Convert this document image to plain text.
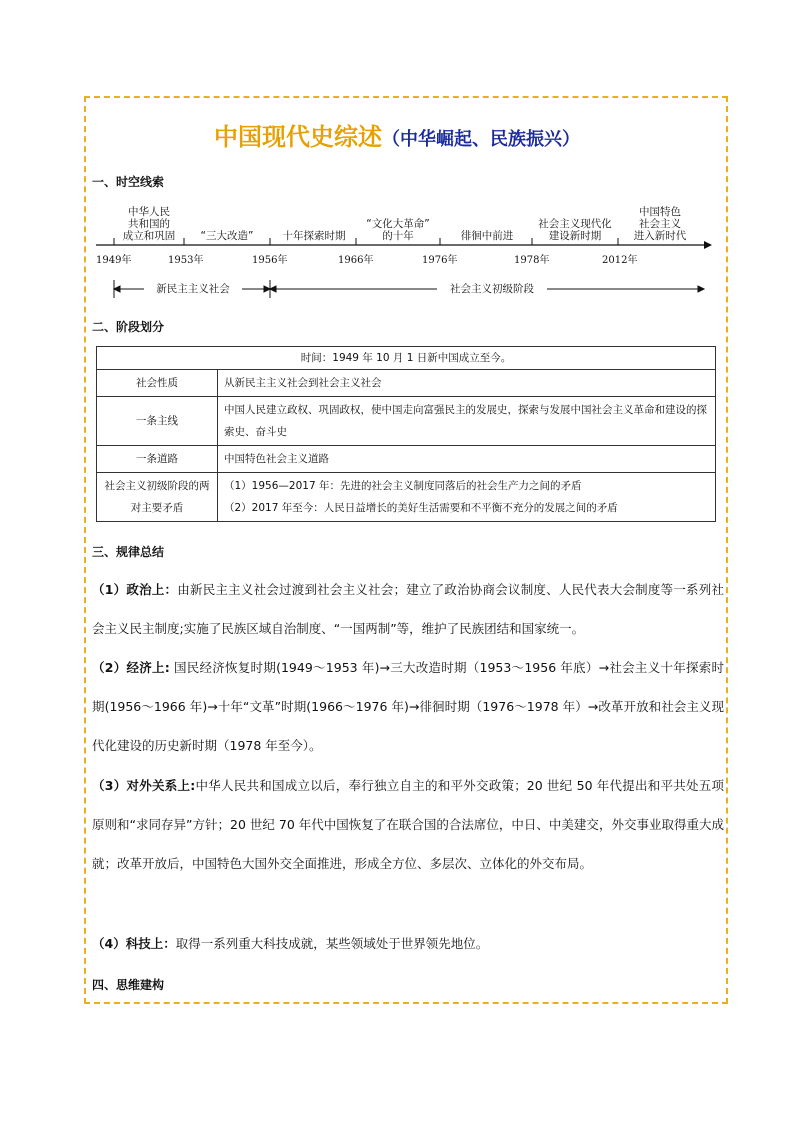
中国现代史综述（中华崛起、民族振兴）
一、时空线索
中华人民
共和国的
成立和巩固	“三大改造”	十年探索时期
“文化大革命”
的十年	徘徊中前进
社会主义现代化
建设新时期
中国特色
社会主义
进入新时代
1949年	1953年	1956年	1966年	1976年	1978年	2012年
新民主主义社会	社会主义初级阶段
二、阶段划分
时间：1949 年 10 月 1 日新中国成立至今。	
社会性质	从新民主主义社会到社会主义社会
一条主线	中国人民建立政权、巩固政权，使中国走向富强民主的发展史，探索与发展中国社会主义革命和建设的探索史、奋斗史
一条道路	中国特色社会主义道路
社会主义初级阶段的两对主要矛盾	（1）1956—2017 年：先进的社会主义制度同落后的社会生产力之间的矛盾
（2）2017 年至今：人民日益增长的美好生活需要和不平衡不充分的发展之间的矛盾
三、规律总结
（1）政治上：由新民主主义社会过渡到社会主义社会；建立了政治协商会议制度、人民代表大会制度等一系列社会主义民主制度;实施了民族区域自治制度、“一国两制”等，维护了民族团结和国家统一。
（2）经济上: 国民经济恢复时期(1949～1953 年)→三大改造时期（1953～1956 年底）→社会主义十年探索时期(1956～1966 年)→十年“文革”时期(1966～1976 年)→徘徊时期（1976～1978 年）→改革开放和社会主义现代化建设的历史新时期（1978 年至今）。
（3）对外关系上:中华人民共和国成立以后，奉行独立自主的和平外交政策；20 世纪 50 年代提出和平共处五项原则和“求同存异”方针；20 世纪 70 年代中国恢复了在联合国的合法席位，中日、中美建交，外交事业取得重大成就；改革开放后，中国特色大国外交全面推进，形成全方位、多层次、立体化的外交布局。
（4）科技上：取得一系列重大科技成就，某些领域处于世界领先地位。
四、思维建构
